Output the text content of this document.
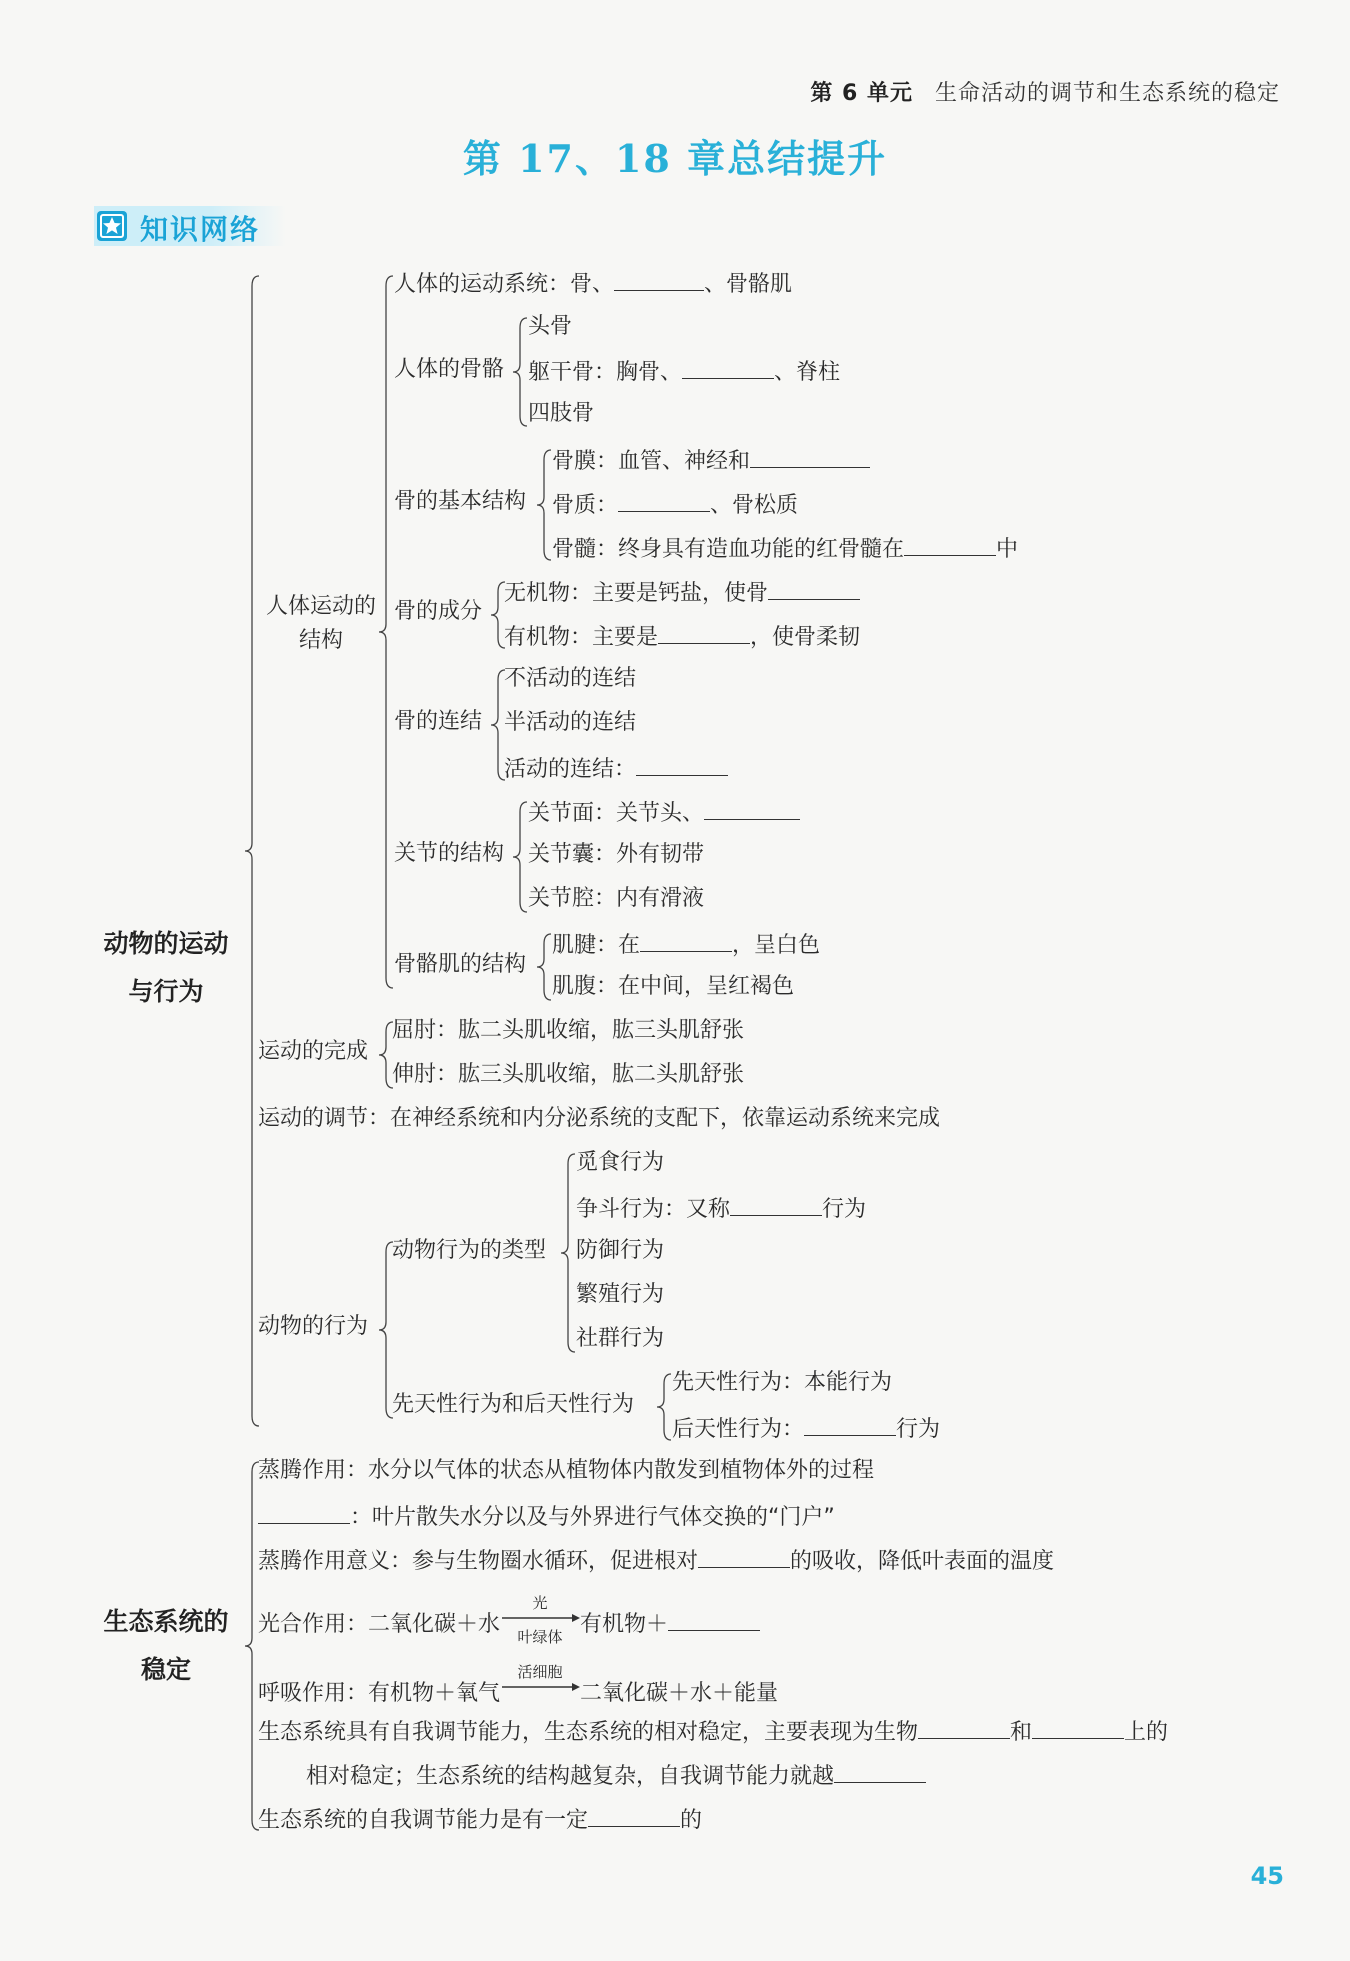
第 6 单元 生命活动的调节和生态系统的稳定
第 17、18 章总结提升
知识网络
动物的运动
与行为
生态系统的
稳定
人体运动的
结构
人体的运动系统：骨、	、骨骼肌
人体的骨骼
头骨
躯干骨：胸骨、	、脊柱
四肢骨
骨的基本结构
骨膜：血管、神经和
骨质：	、骨松质
骨髓：终身具有造血功能的红骨髓在	中
骨的成分
无机物：主要是钙盐，使骨
有机物：主要是	，使骨柔韧
骨的连结
不活动的连结
半活动的连结
活动的连结：
关节的结构
关节面：关节头、
关节囊：外有韧带
关节腔：内有滑液
骨骼肌的结构
肌腱：在	，呈白色
肌腹：在中间，呈红褐色
运动的完成
屈肘：肱二头肌收缩，肱三头肌舒张
伸肘：肱三头肌收缩，肱二头肌舒张
运动的调节：在神经系统和内分泌系统的支配下，依靠运动系统来完成
动物的行为
动物行为的类型
觅食行为
争斗行为：又称	行为
防御行为
繁殖行为
社群行为
先天性行为和后天性行为
先天性行为：本能行为
后天性行为：	行为
蒸腾作用：水分以气体的状态从植物体内散发到植物体外的过程
：叶片散失水分以及与外界进行气体交换的“门户”
蒸腾作用意义：参与生物圈水循环，促进根对	的吸收，降低叶表面的温度
光合作用：二氧化碳＋水
光
叶绿体 有机物＋
呼吸作用：有机物＋氧气
活细胞
二氧化碳＋水＋能量
生态系统具有自我调节能力，生态系统的相对稳定，主要表现为生物	和	上的
相对稳定；生态系统的结构越复杂，自我调节能力就越
生态系统的自我调节能力是有一定	的
45
